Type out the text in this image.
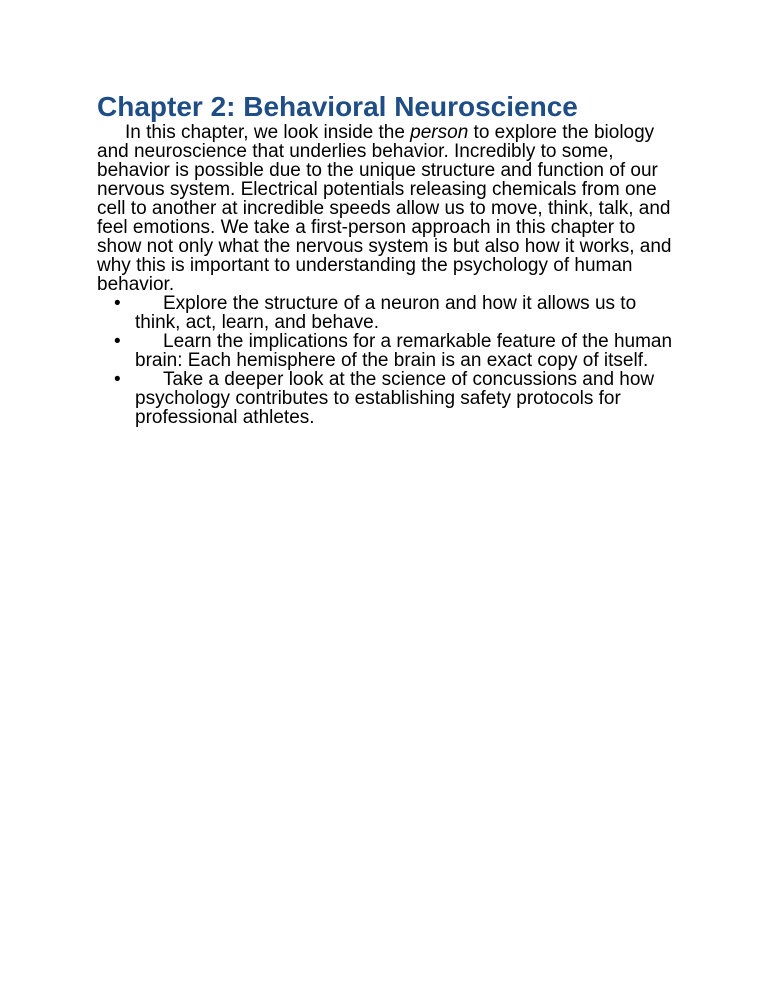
Chapter 2: Behavioral Neuroscience

In this chapter, we look inside the person to explore the biology and neuroscience that underlies behavior. Incredibly to some, behavior is possible due to the unique structure and function of our nervous system. Electrical potentials releasing chemicals from one cell to another at incredible speeds allow us to move, think, talk, and feel emotions. We take a first-person approach in this chapter to show not only what the nervous system is but also how it works, and why this is important to understanding the psychology of human behavior.

•	Explore the structure of a neuron and how it allows us to think, act, learn, and behave.
•	Learn the implications for a remarkable feature of the human brain: Each hemisphere of the brain is an exact copy of itself.
•	Take a deeper look at the science of concussions and how psychology contributes to establishing safety protocols for professional athletes.
